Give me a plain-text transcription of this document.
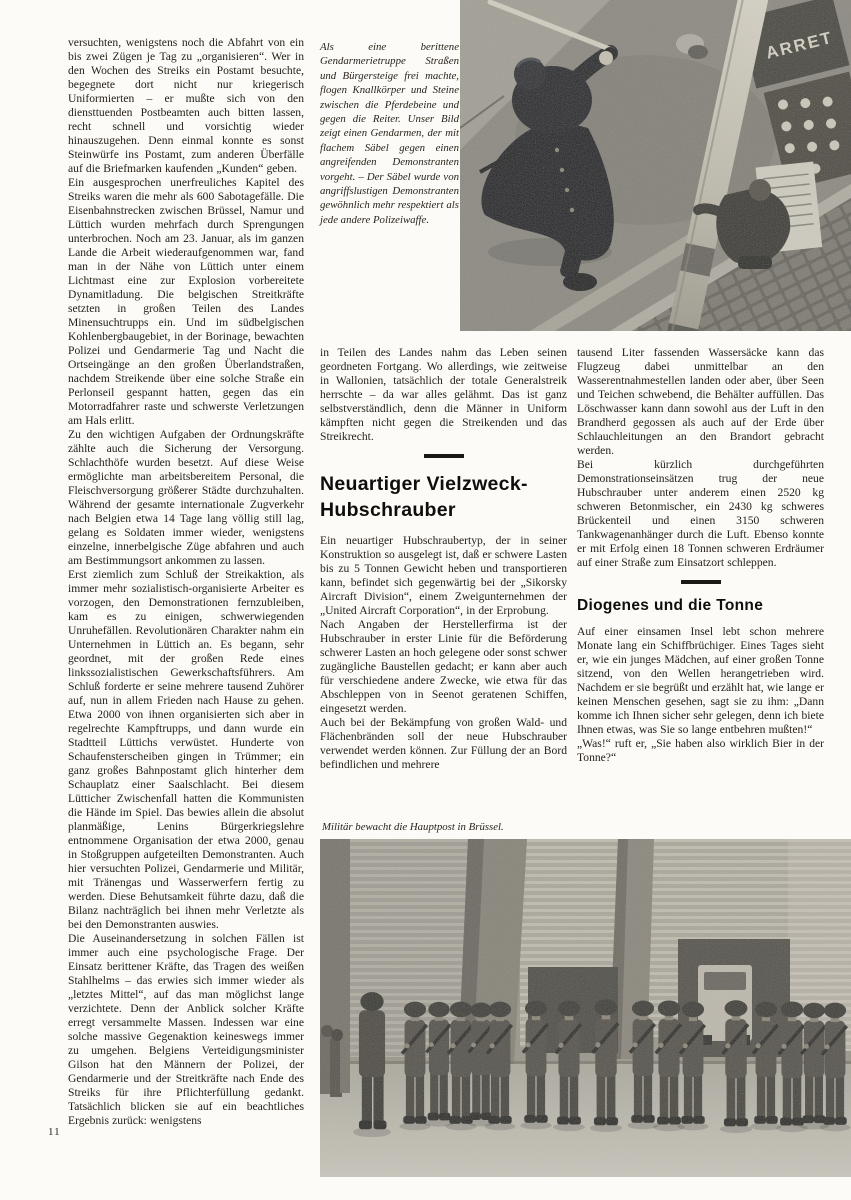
versuchten, wenigstens noch die Abfahrt von ein bis zwei Zügen je Tag zu „organisieren“. Wer in den Wochen des Streiks ein Postamt besuchte, begegnete dort nicht nur kriegerisch Uniformierten – er mußte sich von den diensttuenden Postbeamten auch bitten lassen, recht schnell und vorsichtig wieder hinauszugehen. Denn einmal konnte es sonst Steinwürfe ins Postamt, zum anderen Überfälle auf die Briefmarken kaufenden „Kunden“ geben.

Ein ausgesprochen unerfreuliches Kapitel des Streiks waren die mehr als 600 Sabotagefälle. Die Eisenbahnstrecken zwischen Brüssel, Namur und Lüttich wurden mehrfach durch Sprengungen unterbrochen. Noch am 23. Januar, als im ganzen Lande die Arbeit wiederaufgenommen war, fand man in der Nähe von Lüttich unter einem Lichtmast eine zur Explosion vorbereitete Dynamitladung. Die belgischen Streitkräfte setzten in großen Teilen des Landes Minensuchtrupps ein. Und im südbelgischen Kohlenbergbaugebiet, in der Borinage, bewachten Polizei und Gendarmerie Tag und Nacht die Ortseingänge an den großen Überlandstraßen, nachdem Streikende über eine solche Straße ein Perlonseil gespannt hatten, gegen das ein Motorradfahrer raste und schwerste Verletzungen am Hals erlitt.

Zu den wichtigen Aufgaben der Ordnungskräfte zählte auch die Sicherung der Versorgung. Schlachthöfe wurden besetzt. Auf diese Weise ermöglichte man arbeitsbereitem Personal, die Fleischversorgung größerer Städte durchzuhalten. Während der gesamte internationale Zugverkehr nach Belgien etwa 14 Tage lang völlig still lag, gelang es Soldaten immer wieder, wenigstens einzelne, innerbelgische Züge abfahren und auch am Bestimmungsort ankommen zu lassen.

Erst ziemlich zum Schluß der Streikaktion, als immer mehr sozialistisch-organisierte Arbeiter es vorzogen, den Demonstrationen fernzubleiben, kam es zu einigen, schwerwiegenden Unruhefällen. Revolutionären Charakter nahm ein Unternehmen in Lüttich an. Es begann, sehr geordnet, mit der großen Rede eines linkssozialistischen Gewerkschaftsführers. Am Schluß forderte er seine mehrere tausend Zuhörer auf, nun in allem Frieden nach Hause zu gehen. Etwa 2000 von ihnen organisierten sich aber in regelrechte Kampftrupps, und dann wurde ein Stadtteil Lüttichs verwüstet. Hunderte von Schaufensterscheiben gingen in Trümmer; ein ganz großes Bahnpostamt glich hinterher dem Schauplatz einer Saalschlacht. Bei diesem Lütticher Zwischenfall hatten die Kommunisten die Hände im Spiel. Das bewies allein die absolut planmäßige, Lenins Bürgerkriegslehre entnommene Organisation der etwa 2000, genau in Stoßgruppen aufgeteilten Demonstranten. Auch hier versuchten Polizei, Gendarmerie und Militär, mit Tränengas und Wasserwerfern fertig zu werden. Diese Behutsamkeit führte dazu, daß die Bilanz nachträglich bei ihnen mehr Verletzte als bei den Demonstranten auswies.

Die Auseinandersetzung in solchen Fällen ist immer auch eine psychologische Frage. Der Einsatz berittener Kräfte, das Tragen des weißen Stahlhelms – das erwies sich immer wieder als „letztes Mittel“, auf das man möglichst lange verzichtete. Denn der Anblick solcher Kräfte erregt versammelte Massen. Indessen war eine solche massive Gegenaktion keineswegs immer zu umgehen. Belgiens Verteidigungsminister Gilson hat den Männern der Polizei, der Gendarmerie und der Streitkräfte nach Ende des Streiks für ihre Pflichterfüllung gedankt. Tatsächlich blicken sie auf ein beachtliches Ergebnis zurück: wenigstens

Als eine berittene Gendarmerietruppe Straßen und Bürgersteige frei machte, flogen Knallkörper und Steine zwischen die Pferdebeine und gegen die Reiter. Unser Bild zeigt einen Gendarmen, der mit flachem Säbel gegen einen angreifenden Demonstranten vorgeht. – Der Säbel wurde von angriffslustigen Demonstranten gewöhnlich mehr respektiert als jede andere Polizeiwaffe.
ARRET

in Teilen des Landes nahm das Leben seinen geordneten Fortgang. Wo allerdings, wie zeitweise in Wallonien, tatsächlich der totale Generalstreik herrschte – da war alles gelähmt. Das ist ganz selbstverständlich, denn die Männer in Uniform kämpften nicht gegen die Streikenden und das Streikrecht.

Neuartiger Vielzweck-Hubschrauber

Ein neuartiger Hubschraubertyp, der in seiner Konstruktion so ausgelegt ist, daß er schwere Lasten bis zu 5 Tonnen Gewicht heben und transportieren kann, befindet sich gegenwärtig bei der „Sikorsky Aircraft Division“, einem Zweigunternehmen der „United Aircraft Corporation“, in der Erprobung.

Nach Angaben der Herstellerfirma ist der Hubschrauber in erster Linie für die Beförderung schwerer Lasten an hoch gelegene oder sonst schwer zugängliche Baustellen gedacht; er kann aber auch für verschiedene andere Zwecke, wie etwa für das Abschleppen von in Seenot geratenen Schiffen, eingesetzt werden.

Auch bei der Bekämpfung von großen Wald- und Flächenbränden soll der neue Hubschrauber verwendet werden können. Zur Füllung der an Bord befindlichen und mehrere

tausend Liter fassenden Wassersäcke kann das Flugzeug dabei unmittelbar an den Wasserentnahmestellen landen oder aber, über Seen und Teichen schwebend, die Behälter auffüllen. Das Löschwasser kann dann sowohl aus der Luft in den Brandherd gegossen als auch auf der Erde über Schlauchleitungen an den Brandort gebracht werden.

Bei kürzlich durchgeführten Demonstrationseinsätzen trug der neue Hubschrauber unter anderem einen 2520 kg schweren Betonmischer, ein 2430 kg schweres Brückenteil und einen 3150 schweren Tankwagenanhänger durch die Luft. Ebenso konnte er mit Erfolg einen 18 Tonnen schweren Erdräumer auf einer Straße zum Einsatzort schleppen.

Diogenes und die Tonne

Auf einer einsamen Insel lebt schon mehrere Monate lang ein Schiffbrüchiger. Eines Tages sieht er, wie ein junges Mädchen, auf einer großen Tonne sitzend, von den Wellen herangetrieben wird. Nachdem er sie begrüßt und erzählt hat, wie lange er keinen Menschen gesehen, sagt sie zu ihm: „Dann komme ich Ihnen sicher sehr gelegen, denn ich biete Ihnen etwas, was Sie so lange entbehren mußten!“

„Was!“ ruft er, „Sie haben also wirklich Bier in der Tonne?“

Militär bewacht die Hauptpost in Brüssel.
11
